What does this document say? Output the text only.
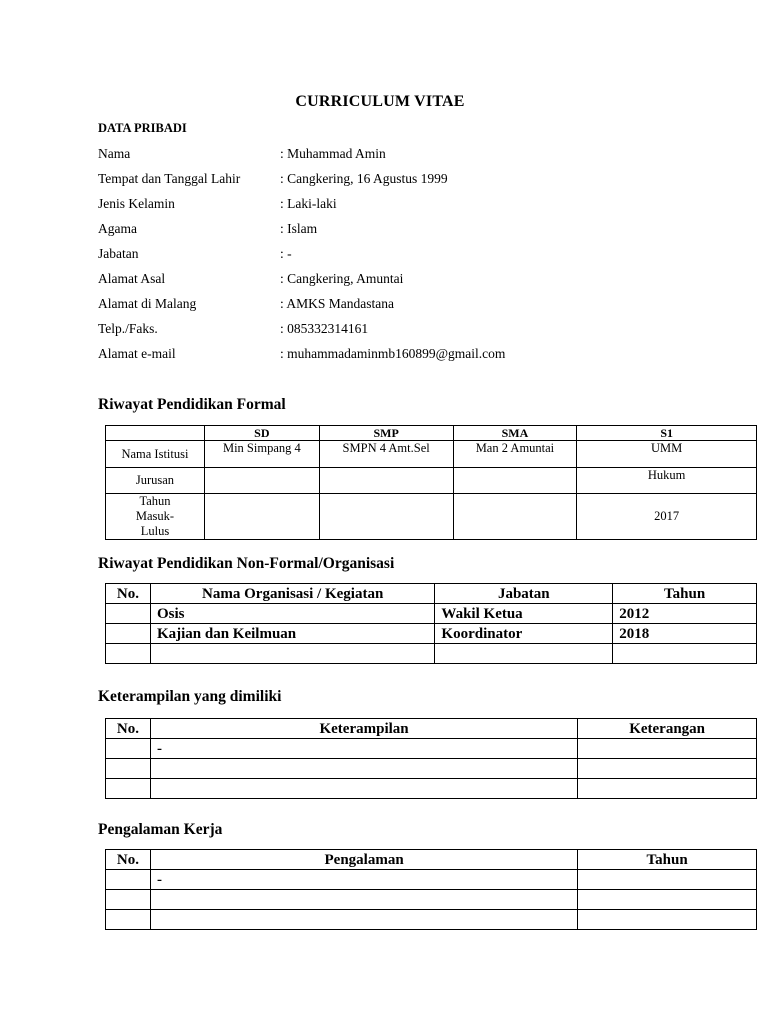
CURRICULUM VITAE
DATA PRIBADI
Nama	: Muhammad Amin
Tempat dan Tanggal Lahir	: Cangkering, 16 Agustus 1999
Jenis Kelamin	: Laki-laki
Agama	: Islam
Jabatan	: -
Alamat Asal	: Cangkering, Amuntai
Alamat di Malang	: AMKS Mandastana
Telp./Faks.	: 085332314161
Alamat e-mail	: muhammadaminmb160899@gmail.com
Riwayat Pendidikan Formal
	SD	SMP	SMA	S1
Nama Istitusi	Min Simpang 4	SMPN 4 Amt.Sel	Man 2 Amuntai	UMM
Jurusan				Hukum
Tahun Masuk-Lulus				2017
Riwayat Pendidikan Non-Formal/Organisasi
No.	Nama Organisasi / Kegiatan	Jabatan	Tahun
	Osis	Wakil Ketua	2012
	Kajian dan Keilmuan	Koordinator	2018

Keterampilan yang dimiliki
No.	Keterampilan	Keterangan
	-	

Pengalaman Kerja
No.	Pengalaman	Tahun
	-	
